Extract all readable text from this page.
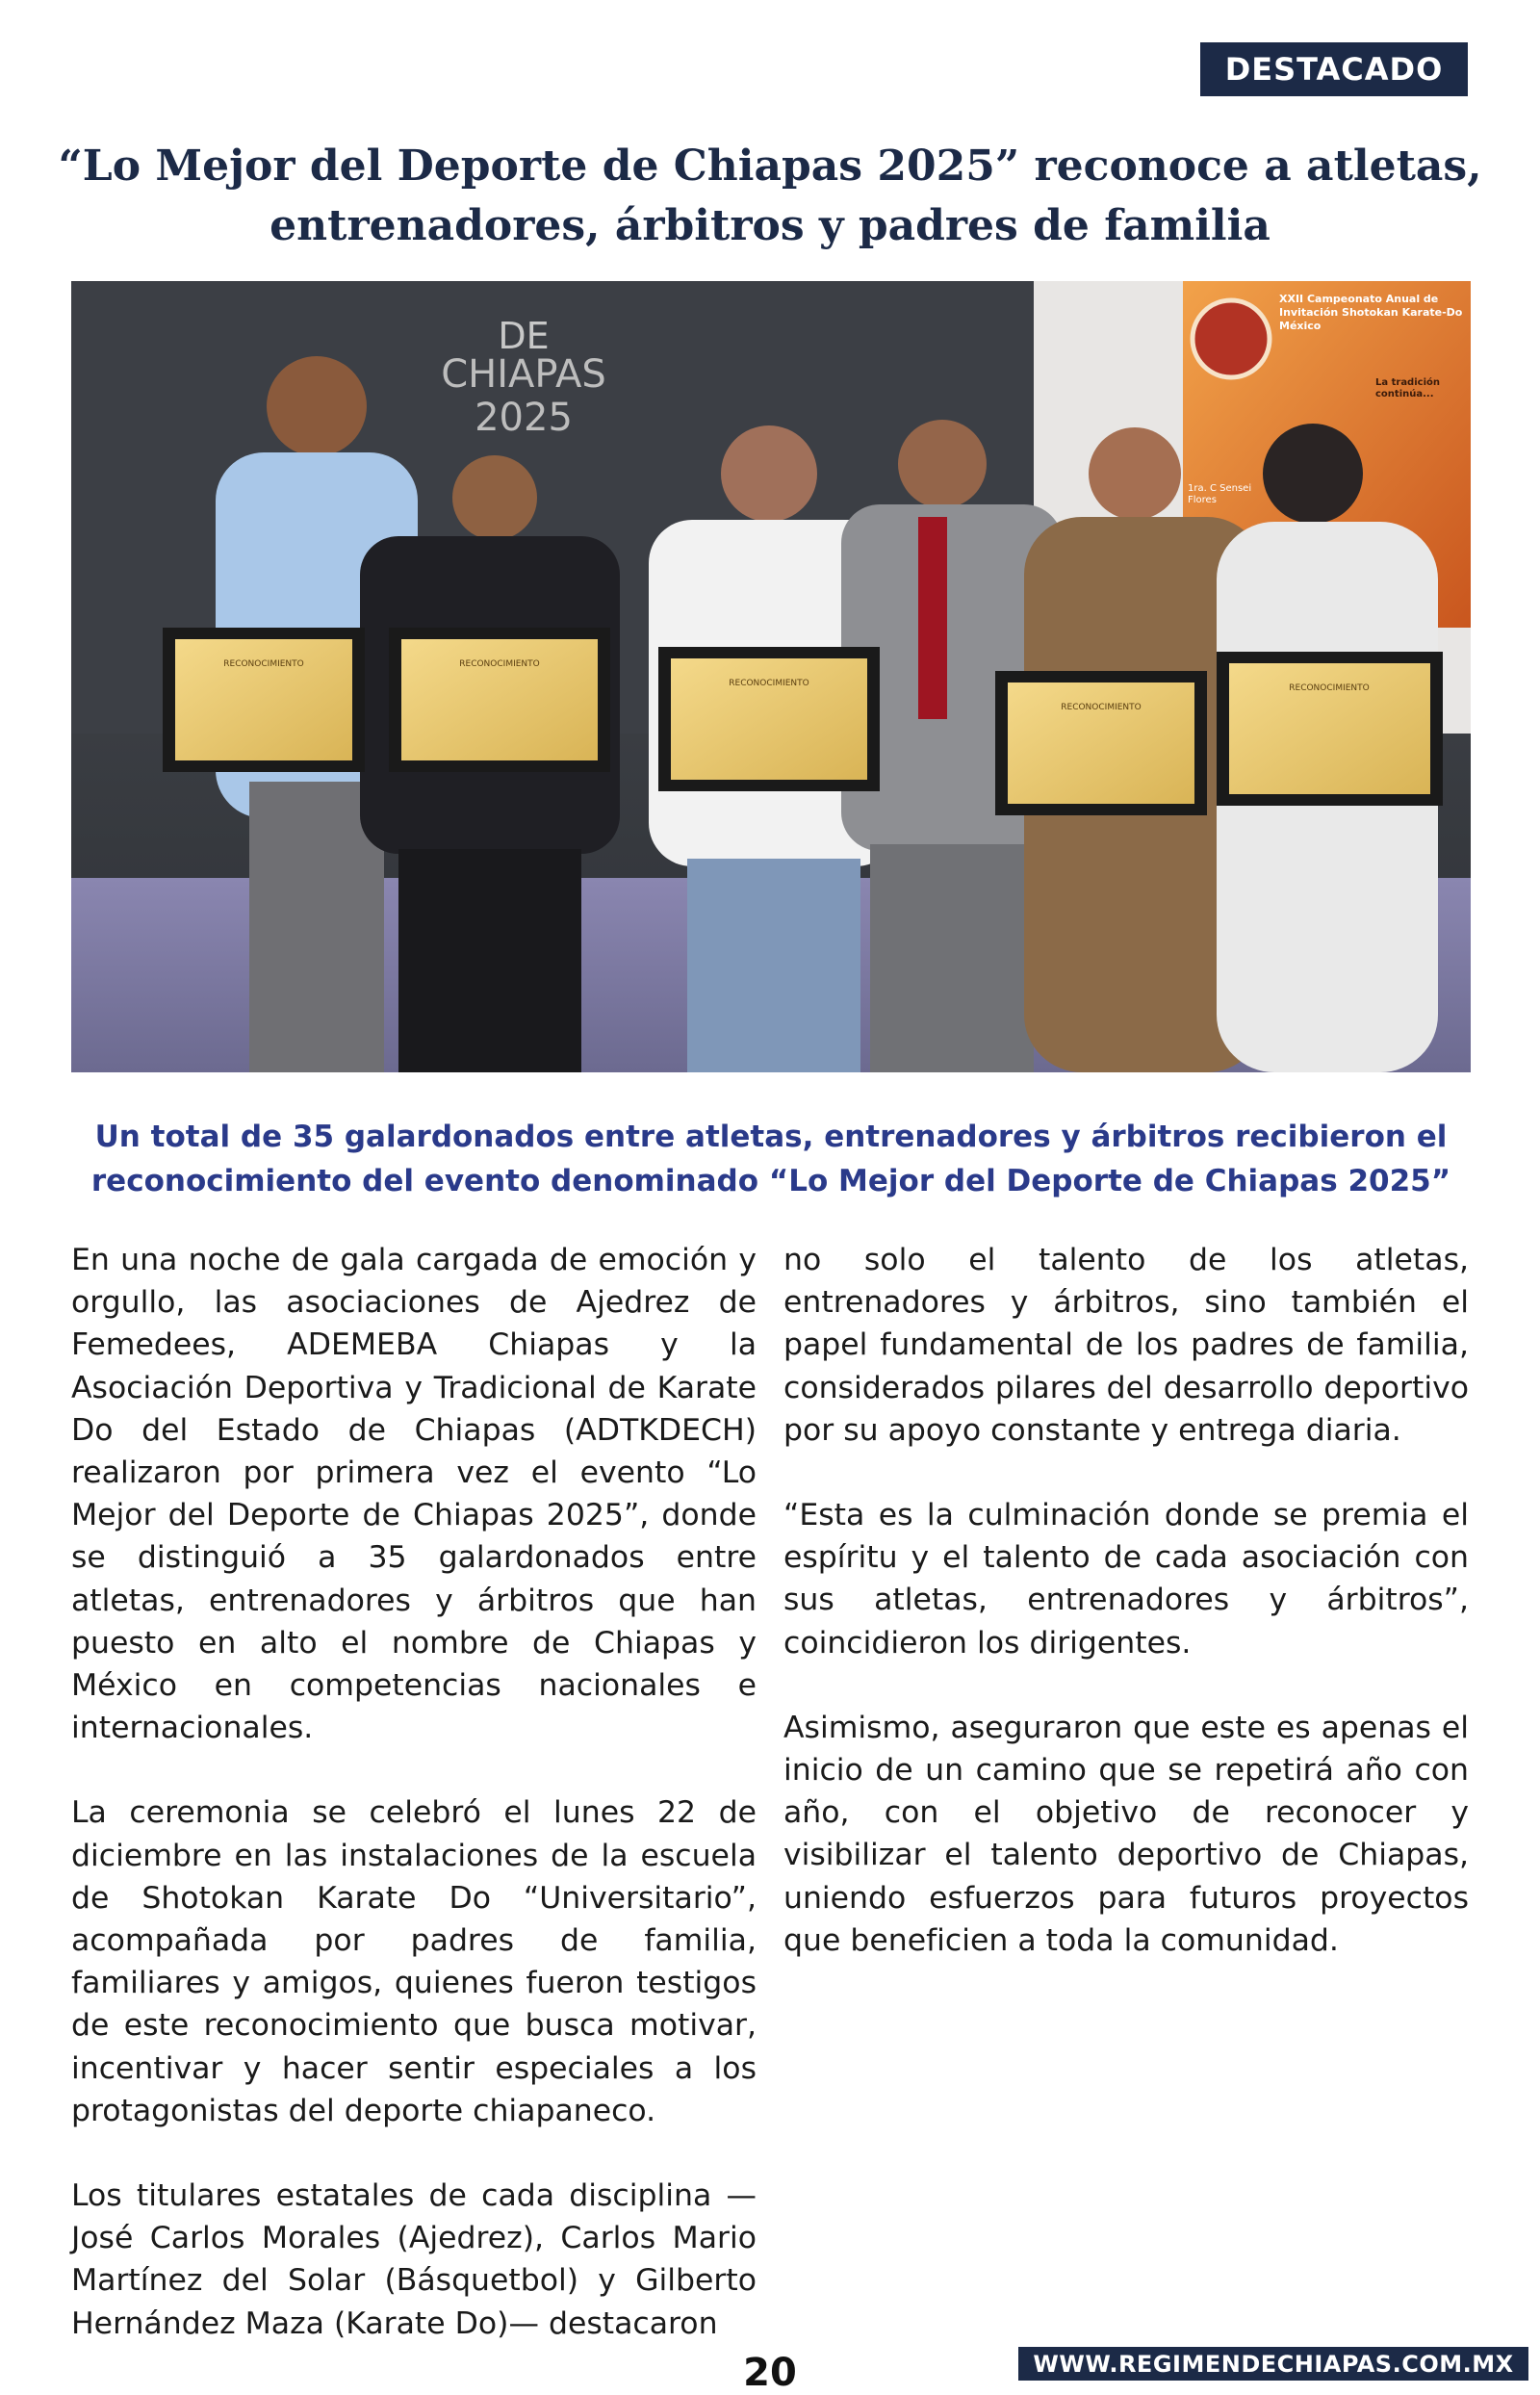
DESTACADO
“Lo Mejor del Deporte de Chiapas 2025” reconoce a atletas,
entrenadores, árbitros y padres de familia
DE
CHIAPAS
2025
XXII Campeonato Anual de Invitación Shotokan Karate-Do México
La tradición continúa...
1ra. C Sensei Flores
RECONOCIMIENTO	RECONOCIMIENTO
RECONOCIMIENTO
RECONOCIMIENTO
RECONOCIMIENTO

Un total de 35 galardonados entre atletas, entrenadores y árbitros recibieron el
reconocimiento del evento denominado “Lo Mejor del Deporte de Chiapas 2025”

En una noche de gala cargada de emoción y orgullo, las asociaciones de Ajedrez de Femedees, ADEMEBA Chiapas y la Asociación Deportiva y Tradicional de Karate Do del Estado de Chiapas (ADTKDECH) realizaron por primera vez el evento “Lo Mejor del Deporte de Chiapas 2025”, donde se distinguió a 35 galardonados entre atletas, entrenadores y árbitros que han puesto en alto el nombre de Chiapas y México en competencias nacionales e internacionales.

La ceremonia se celebró el lunes 22 de diciembre en las instalaciones de la escuela de Shotokan Karate Do “Universitario”, acompañada por padres de familia, familiares y amigos, quienes fueron testigos de este reconocimiento que busca motivar, incentivar y hacer sentir especiales a los protagonistas del deporte chiapaneco.

Los titulares estatales de cada disciplina — José Carlos Morales (Ajedrez), Carlos Mario Martínez del Solar (Básquetbol) y Gilberto Hernández Maza (Karate Do)— destacaron

no solo el talento de los atletas, entrenadores y árbitros, sino también el papel fundamental de los padres de familia, considerados pilares del desarrollo deportivo por su apoyo constante y entrega diaria.

“Esta es la culminación donde se premia el espíritu y el talento de cada asociación con sus atletas, entrenadores y árbitros”, coincidieron los dirigentes.

Asimismo, aseguraron que este es apenas el inicio de un camino que se repetirá año con año, con el objetivo de reconocer y visibilizar el talento deportivo de Chiapas, uniendo esfuerzos para futuros proyectos que beneficien a toda la comunidad.

20	WWW.REGIMENDECHIAPAS.COM.MX
